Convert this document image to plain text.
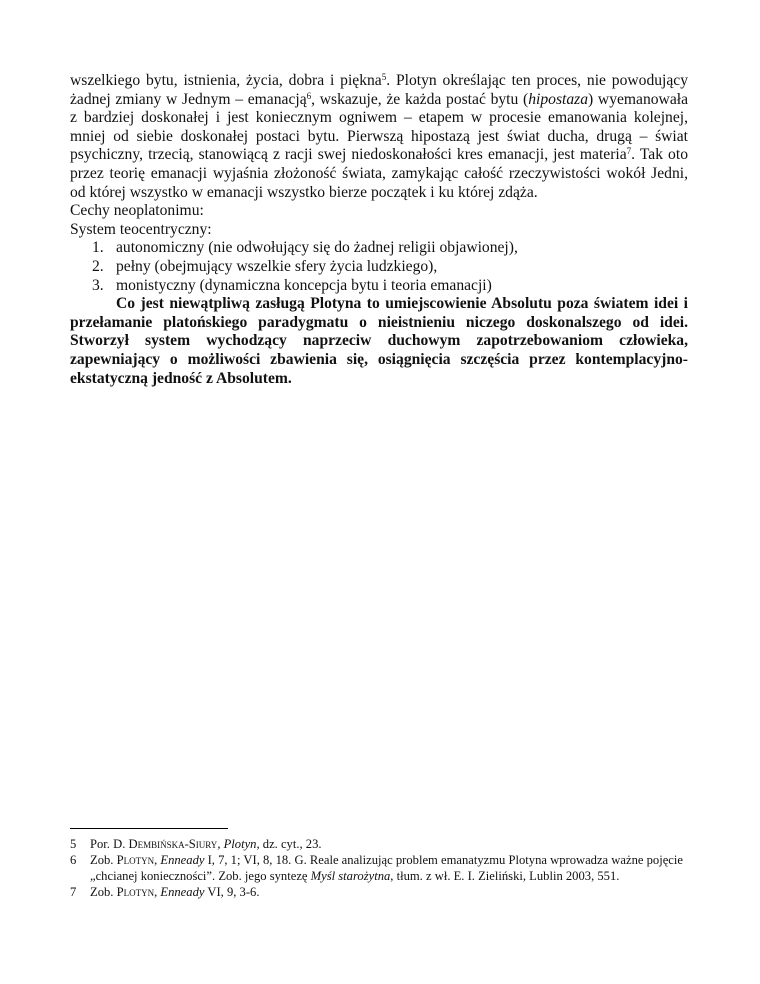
wszelkiego bytu, istnienia, życia, dobra i piękna$^5$. Plotyn określając ten proces, nie powodujący żadnej zmiany w Jednym – emanacją$^6$, wskazuje, że każda postać bytu (hipostaza) wyemanowała z bardziej doskonałej i jest koniecznym ogniwem – etapem w procesie emanowania kolejnej, mniej od siebie doskonałej postaci bytu. Pierwszą hipostazą jest świat ducha, drugą – świat psychiczny, trzecią, stanowiącą z racji swej niedoskonałości kres emanacji, jest materia$^7$. Tak oto przez teorię emanacji wyjaśnia złożoność świata, zamykając całość rzeczywistości wokół Jedni, od której wszystko w emanacji wszystko bierze początek i ku której zdąża.

Cechy neoplatonimu:

System teocentryczny:

1. autonomiczny (nie odwołujący się do żadnej religii objawionej),
2. pełny (obejmujący wszelkie sfery życia ludzkiego),
3. monistyczny (dynamiczna koncepcja bytu i teoria emanacji)

Co jest niewątpliwą zasługą Plotyna to umiejscowienie Absolutu poza światem idei i przełamanie platońskiego paradygmatu o nieistnieniu niczego doskonalszego od idei. Stworzył system wychodzący naprzeciw duchowym zapotrzebowaniom człowieka, zapewniający o możliwości zbawienia się, osiągnięcia szczęścia przez kontemplacyjno-ekstatyczną jedność z Absolutem.

5 Por. D. Dembińska-Siury, Plotyn, dz. cyt., 23.

6 Zob. Plotyn, Enneady I, 7, 1; VI, 8, 18. G. Reale analizując problem emanatyzmu Plotyna wprowadza ważne pojęcie „chcianej konieczności”. Zob. jego syntezę Myśl starożytna, tłum. z wł. E. I. Zieliński, Lublin 2003, 551.

7 Zob. Plotyn, Enneady VI, 9, 3-6.
